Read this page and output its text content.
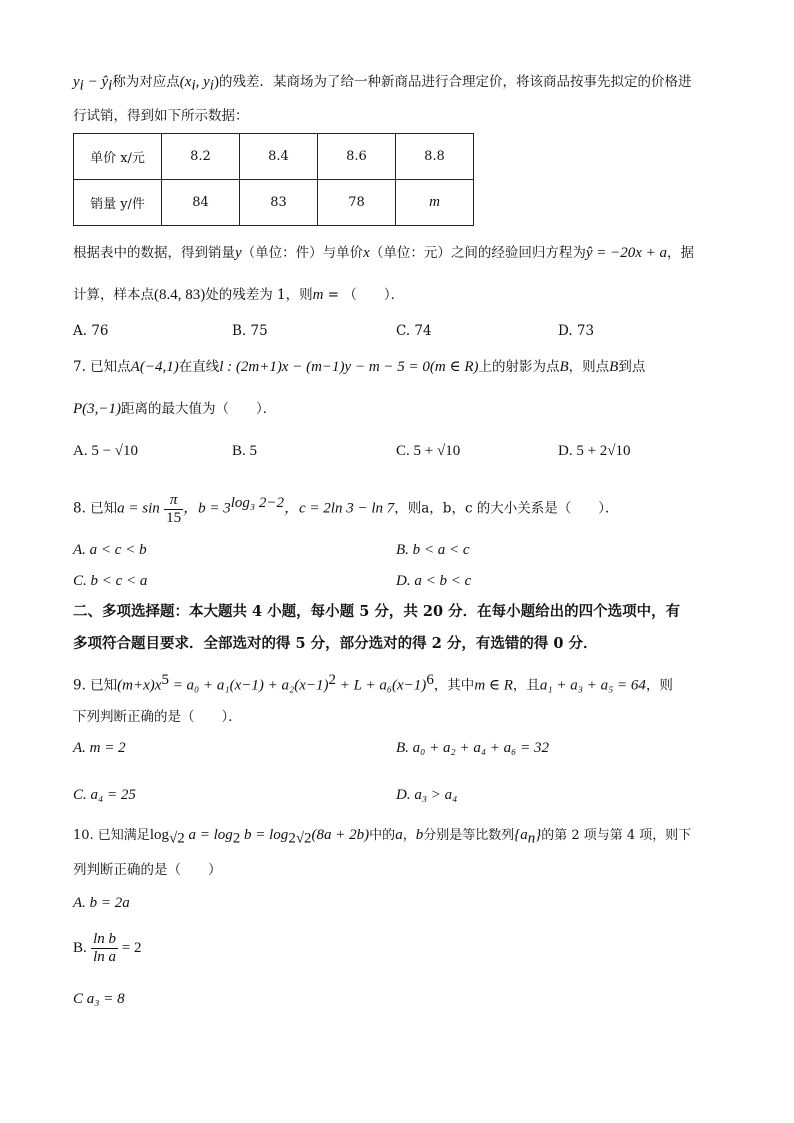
$y_i$ − $ŷ_i$称为对应点($x_i$, $y_i$)的残差．某商场为了给一种新商品进行合理定价，将该商品按事先拟定的价格进
行试销，得到如下所示数据：
单价 x/元	8.2	8.4	8.6	8.8
销量 y/件	84	83	78	m
根据表中的数据，得到销量y（单位：件）与单价x（单位：元）之间的经验回归方程为ŷ = −20x + a，据
计算，样本点(8.4, 83)处的残差为 1，则m = （　　）．
A. 76	B. 75	C. 74	D. 73
7. 已知点A(−4,1)在直线l : (2m+1)x − (m−1)y − m − 5 = 0(m ∈ R)上的射影为点B，则点B到点
P(3,−1)距离的最大值为（　　）．
A. 5 − √10	B. 5	C. 5 + √10	D. 5 + 2√10
8. 已知$a = \sin \frac{\pi}{15}$ ，$b = 3^{log_3 2-2}$，c = 2ln 3 − ln 7，则a，b，c 的大小关系是（　　）．
A. a < c < b	B. b < a < c
C. b < c < a	D. a < b < c
二、多项选择题：本大题共 4 小题，每小题 5 分，共 20 分．在每小题给出的四个选项中，有
多项符合题目要求．全部选对的得 5 分，部分选对的得 2 分，有选错的得 0 分．
9. 已知$(m+x)x^5 = a_0 + a_1(x-1) + a_2(x-1)^2 + L + a_6(x-1)^6$，其中m ∈ R，且a₁ + a₃ + a₅ = 64，则
下列判断正确的是（　　）．
A. m = 2	B. a₀ + a₂ + a₄ + a₆ = 32
C. a₄ = 25	D. a₃ > a₄
10. 已知满足$\log_{√2} a = \log_2 b = \log_{2√2}(8a + 2b)$中的a，b分别是等比数列$\{a_n\}$的第 2 项与第 4 项，则下
列判断正确的是（　　）
A. b = 2a
B. $\frac{\text{ln b}}{\text{ln a}} = 2$
C a₃ = 8
